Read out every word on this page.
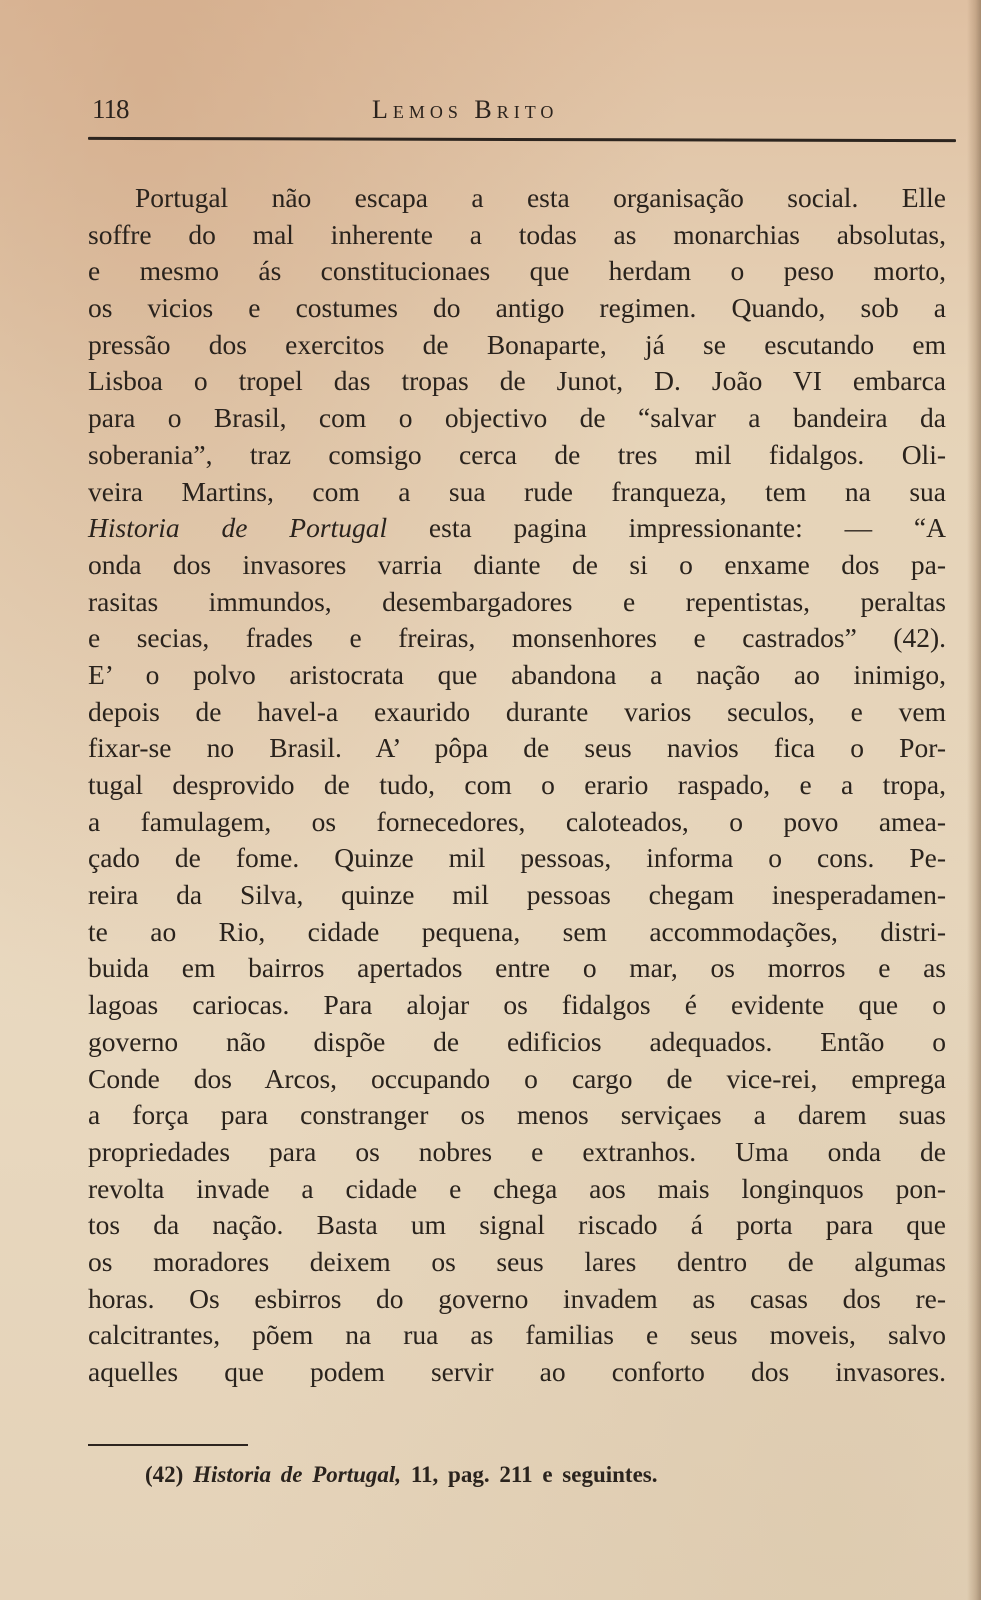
118	Lemos Brito
Portugal não escapa a esta organisação social. Elle
soffre do mal inherente a todas as monarchias absolutas,
e mesmo ás constitucionaes que herdam o peso morto,
os vicios e costumes do antigo regimen. Quando, sob a
pressão dos exercitos de Bonaparte, já se escutando em
Lisboa o tropel das tropas de Junot, D. João VI embarca
para o Brasil, com o objectivo de “salvar a bandeira da
soberania”, traz comsigo cerca de tres mil fidalgos. Oli-
veira Martins, com a sua rude franqueza, tem na sua
Historia de Portugal esta pagina impressionante: — “A
onda dos invasores varria diante de si o enxame dos pa-
rasitas immundos, desembargadores e repentistas, peraltas
e secias, frades e freiras, monsenhores e castrados” (42).
E’ o polvo aristocrata que abandona a nação ao inimigo,
depois de havel-a exaurido durante varios seculos, e vem
fixar-se no Brasil. A’ pôpa de seus navios fica o Por-
tugal desprovido de tudo, com o erario raspado, e a tropa,
a famulagem, os fornecedores, caloteados, o povo amea-
çado de fome. Quinze mil pessoas, informa o cons. Pe-
reira da Silva, quinze mil pessoas chegam inesperadamen-
te ao Rio, cidade pequena, sem accommodações, distri-
buida em bairros apertados entre o mar, os morros e as
lagoas cariocas. Para alojar os fidalgos é evidente que o
governo não dispõe de edificios adequados. Então o
Conde dos Arcos, occupando o cargo de vice-rei, emprega
a força para constranger os menos serviçaes a darem suas
propriedades para os nobres e extranhos. Uma onda de
revolta invade a cidade e chega aos mais longinquos pon-
tos da nação. Basta um signal riscado á porta para que
os moradores deixem os seus lares dentro de algumas
horas. Os esbirros do governo invadem as casas dos re-
calcitrantes, põem na rua as familias e seus moveis, salvo
aquelles que podem servir ao conforto dos invasores.
(42) Historia de Portugal, 11, pag. 211 e seguintes.
